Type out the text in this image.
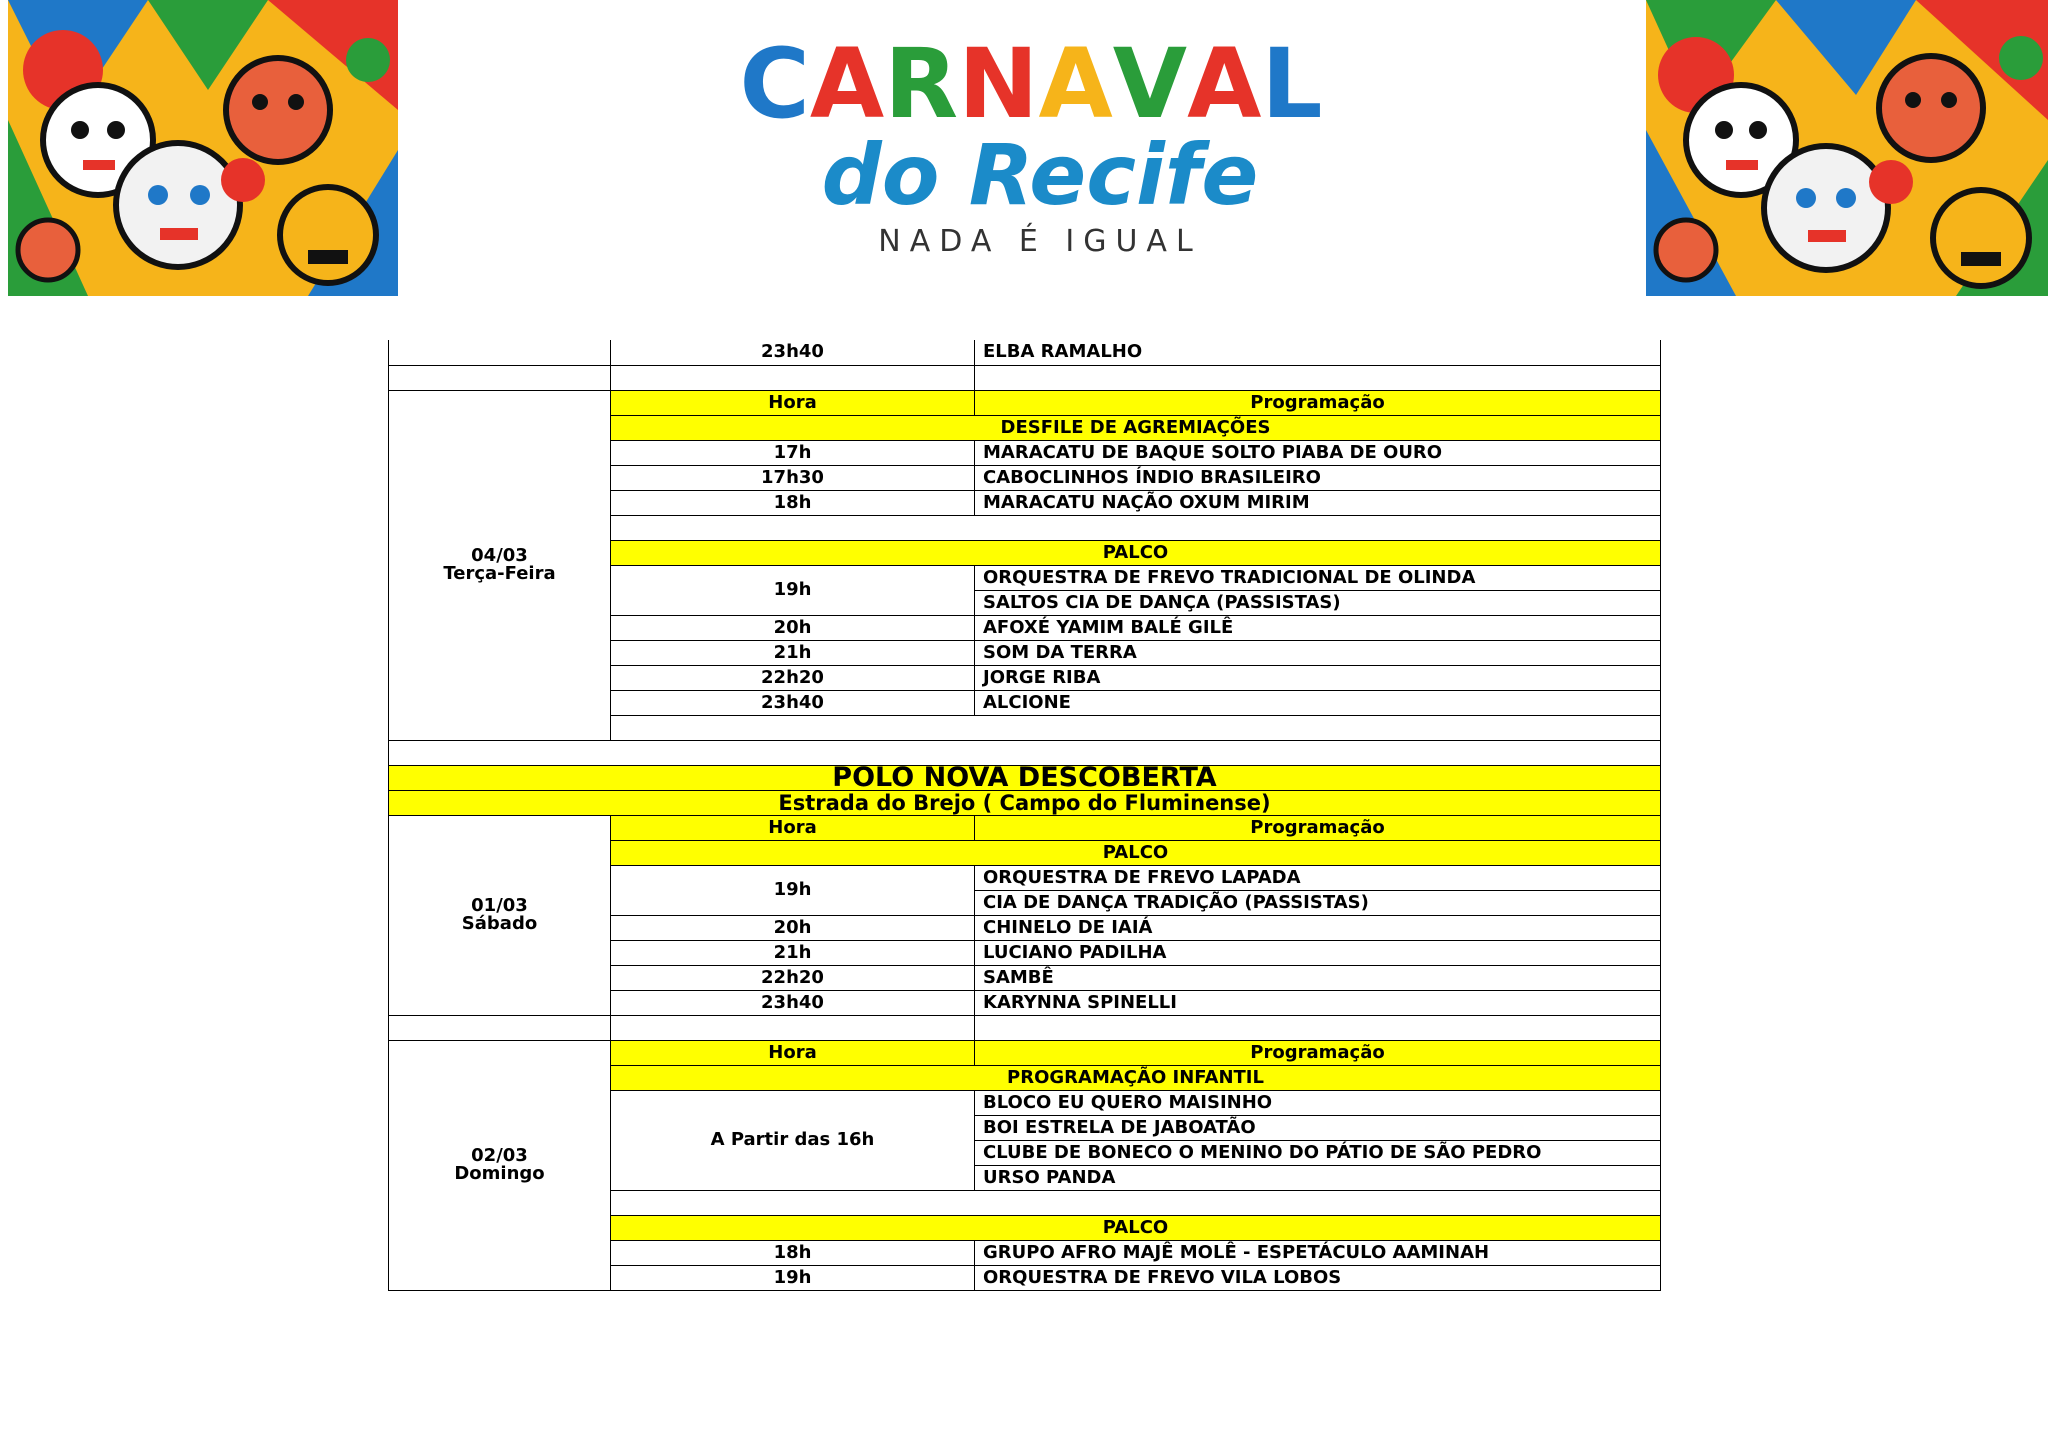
C A R N A V A L
do Recife
NADA É IGUAL
	23h40	ELBA RAMALHO

04/03
Terça-Feira	Hora	Programação
	DESFILE DE AGREMIAÇÕES	
	17h	MARACATU DE BAQUE SOLTO PIABA DE OURO
	17h30	CABOCLINHOS ÍNDIO BRASILEIRO
	18h	MARACATU NAÇÃO OXUM MIRIM

	PALCO	
	19h	ORQUESTRA DE FREVO TRADICIONAL DE OLINDA
		SALTOS CIA DE DANÇA (PASSISTAS)
	20h	AFOXÉ YAMIM BALÉ GILÊ
	21h	SOM DA TERRA
	22h20	JORGE RIBA
	23h40	ALCIONE

POLO NOVA DESCOBERTA		
Estrada do Brejo ( Campo do Fluminense)		
01/03
Sábado	Hora	Programação
	PALCO	
	19h	ORQUESTRA DE FREVO LAPADA
		CIA DE DANÇA TRADIÇÃO (PASSISTAS)
	20h	CHINELO DE IAIÁ
	21h	LUCIANO PADILHA
	22h20	SAMBÊ
	23h40	KARYNNA SPINELLI

02/03
Domingo	Hora	Programação
	PROGRAMAÇÃO INFANTIL	
	A Partir das 16h	BLOCO EU QUERO MAISINHO
		BOI ESTRELA DE JABOATÃO
		CLUBE DE BONECO O MENINO DO PÁTIO DE SÃO PEDRO
		URSO PANDA

	PALCO	
	18h	GRUPO AFRO MAJÊ MOLÊ - ESPETÁCULO AAMINAH
	19h	ORQUESTRA DE FREVO VILA LOBOS
